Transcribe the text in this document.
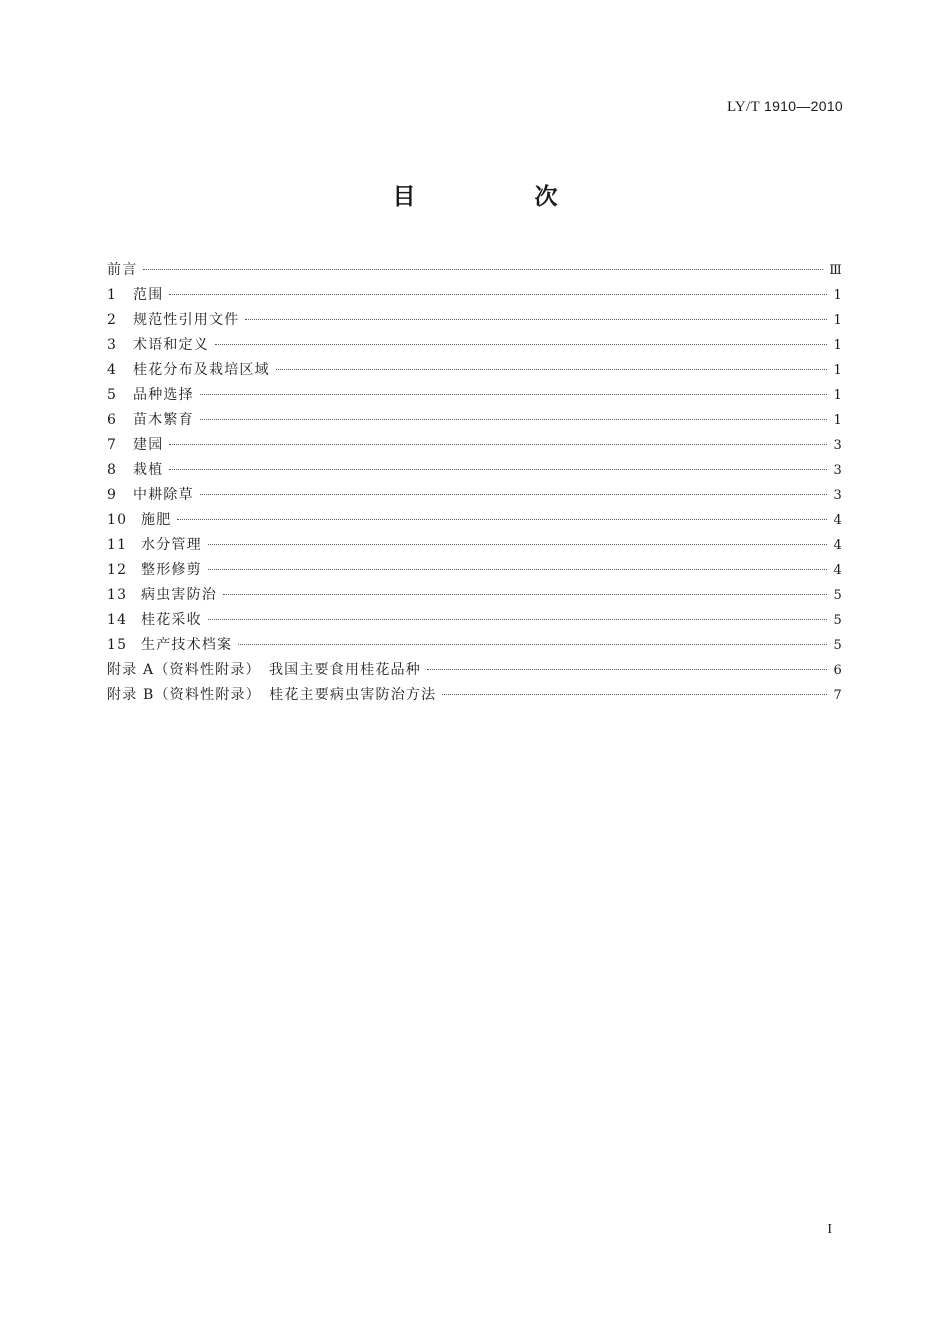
LY/T 1910—2010
目　次
前言	Ⅲ
1	范围	1
2	规范性引用文件	1
3	术语和定义	1
4	桂花分布及栽培区域	1
5	品种选择	1
6	苗木繁育	1
7	建园	3
8	栽植	3
9	中耕除草	3
10 施肥	4
11 水分管理	4
12 整形修剪	4
13 病虫害防治	5
14 桂花采收	5
15 生产技术档案	5
附录 A（资料性附录）　我国主要食用桂花品种	6
附录 B（资料性附录）　桂花主要病虫害防治方法	7
I
